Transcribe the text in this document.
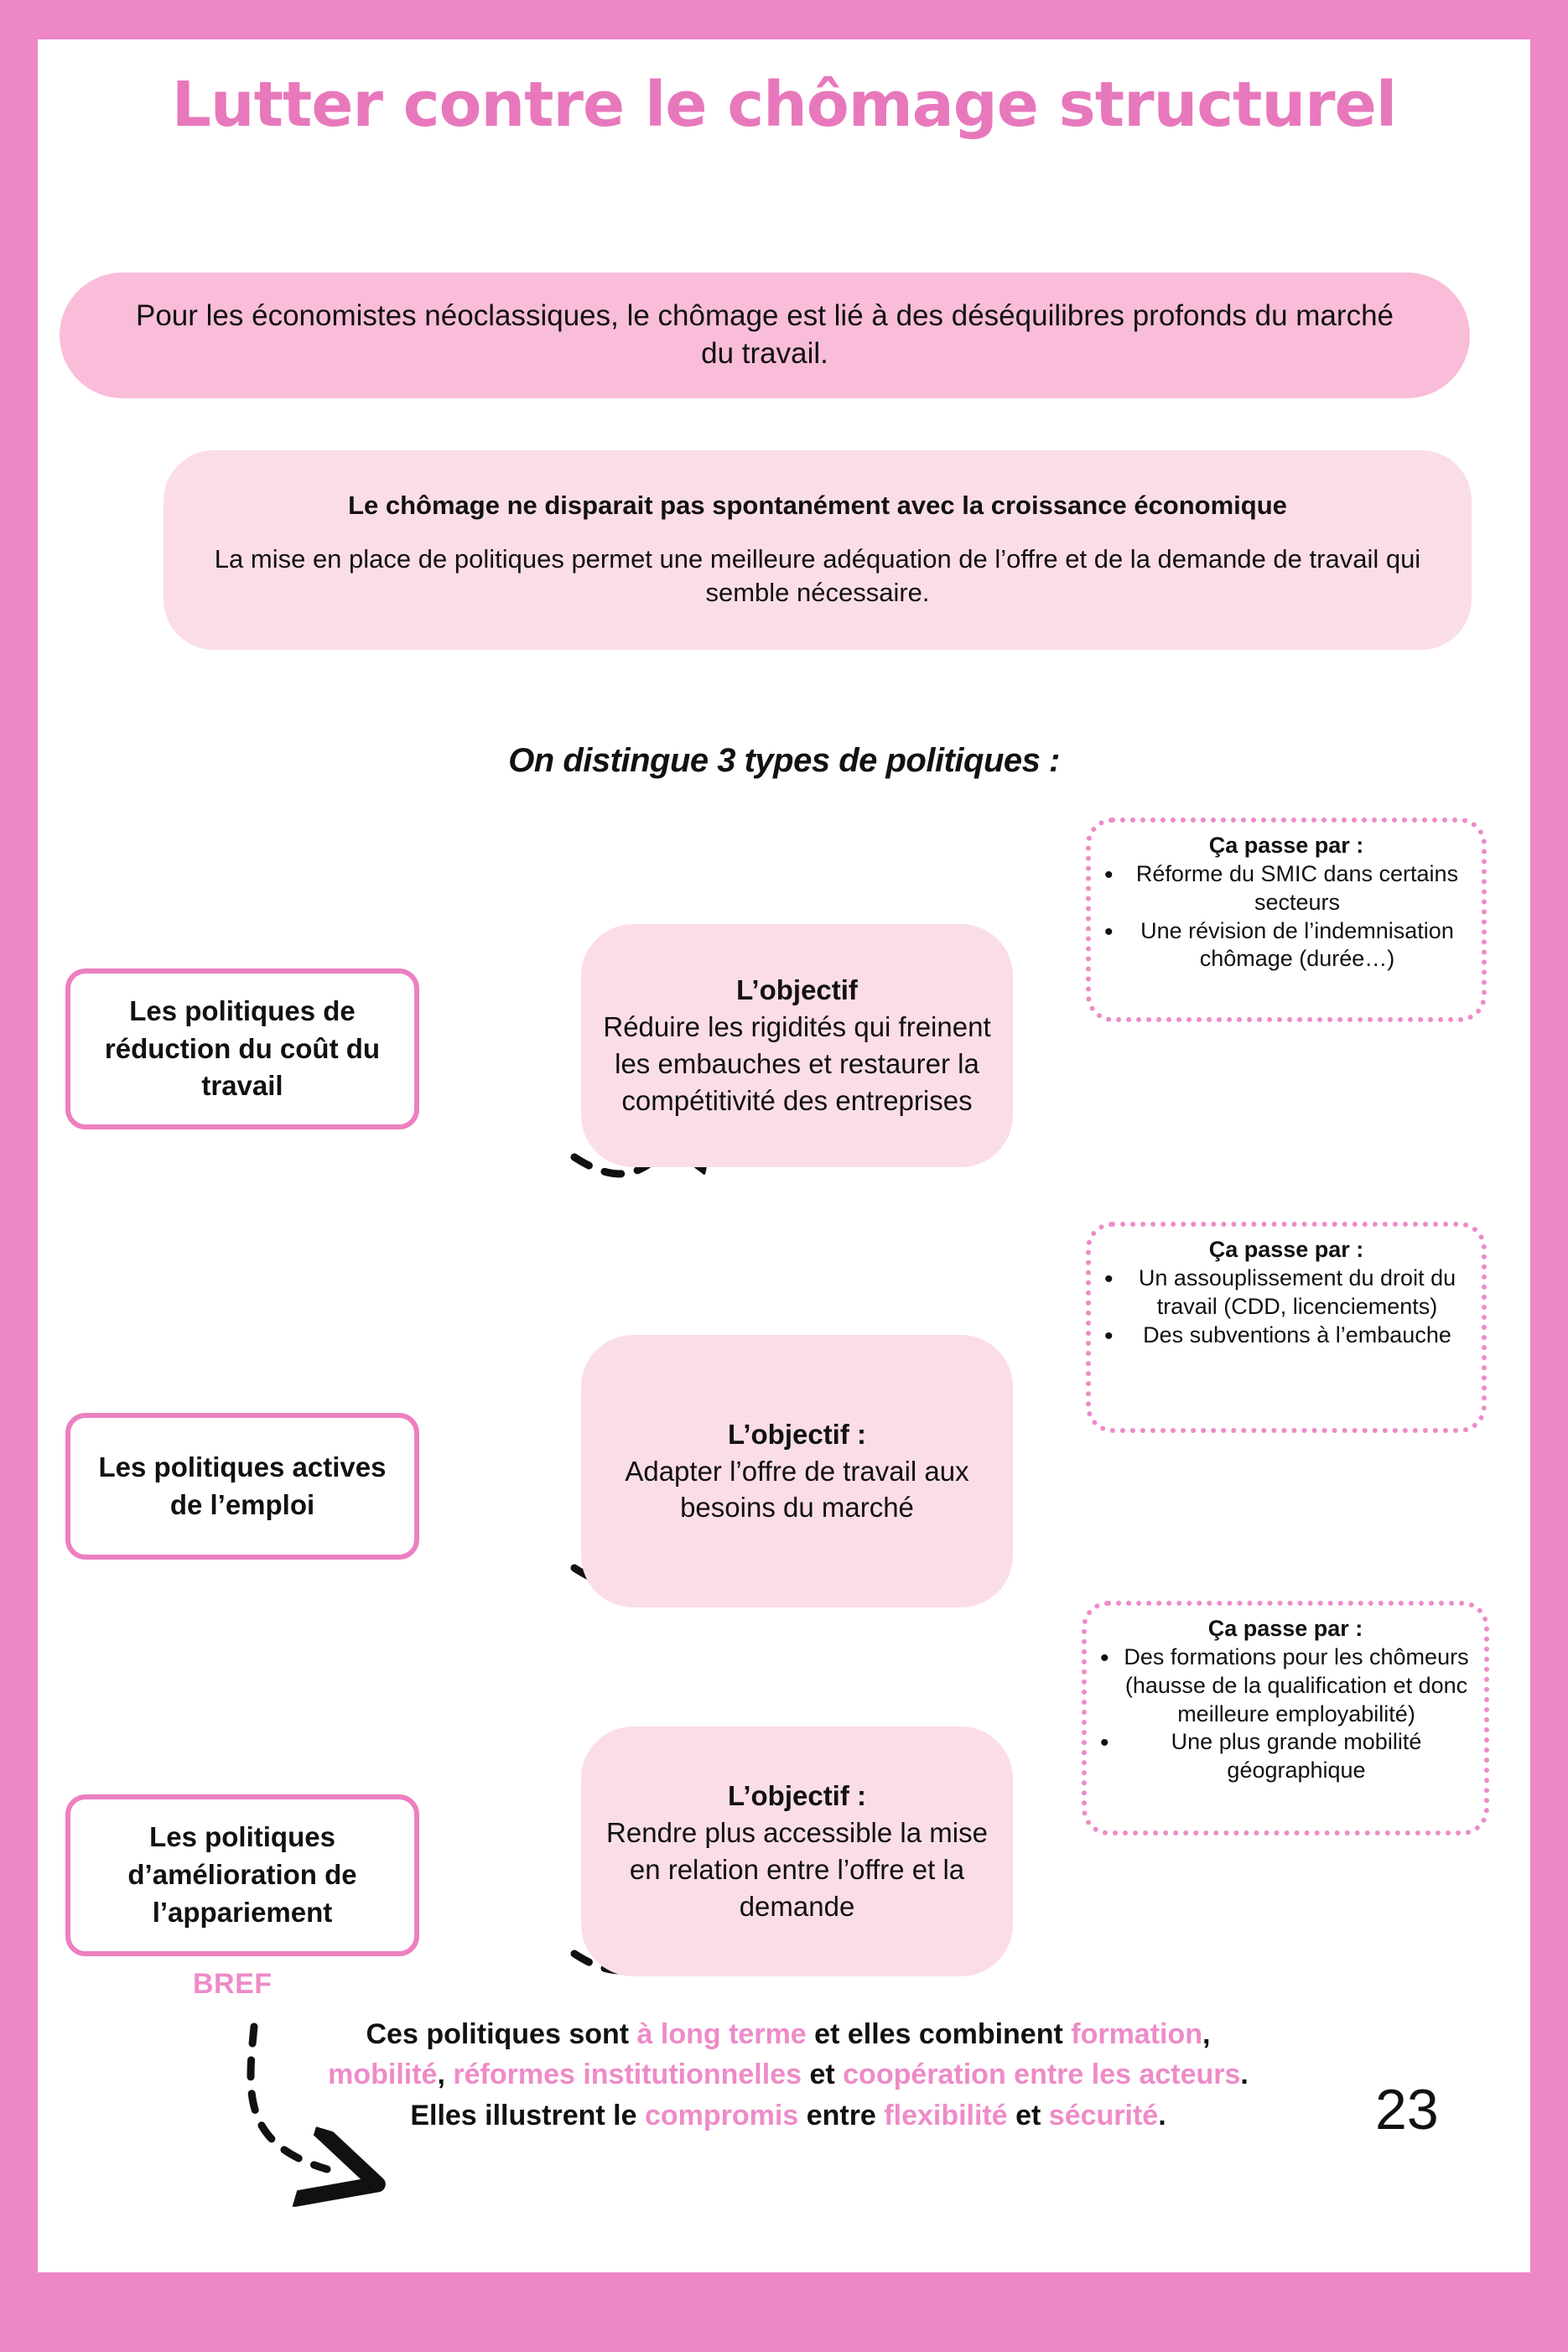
Lutter contre le chômage structurel
Pour les économistes néoclassiques, le chômage est lié à des déséquilibres profonds du marché du travail.
Le chômage ne disparait pas spontanément avec la croissance économique
La mise en place de politiques permet une meilleure adéquation de l’offre et de la demande de travail qui semble nécessaire.
On distingue 3 types de politiques :
Les politiques de réduction du coût du travail
L’objectif
Réduire les rigidités qui freinent les embauches et restaurer la compétitivité des entreprises
Ça passe par :
• Réforme du SMIC dans certains secteurs
• Une révision de l’indemnisation chômage (durée…)
Les politiques actives de l’emploi
L’objectif :
Adapter l’offre de travail aux besoins du marché
Ça passe par :
• Un assouplissement du droit du travail (CDD, licenciements)
• Des subventions à l’embauche
Les politiques d’amélioration de l’appariement
L’objectif :
Rendre plus accessible la mise en relation entre l’offre et la demande
Ça passe par :
• Des formations pour les chômeurs (hausse de la qualification et donc meilleure employabilité)
• Une plus grande mobilité géographique
BREF
Ces politiques sont à long terme et elles combinent formation, mobilité, réformes institutionnelles et coopération entre les acteurs. Elles illustrent le compromis entre flexibilité et sécurité.	23
